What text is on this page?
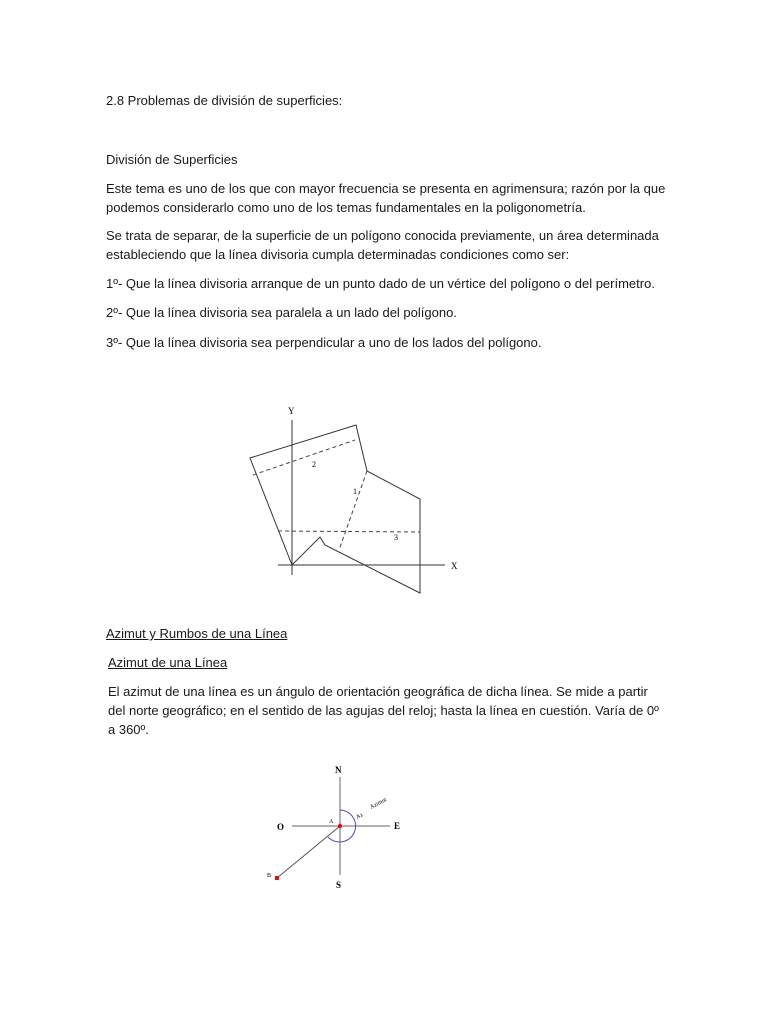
2.8 Problemas de división de superficies:

División de Superficies

Este tema es uno de los que con mayor frecuencia se presenta en agrimensura; razón por la que podemos considerarlo como uno de los temas fundamentales en la poligonometría.

Se trata de separar, de la superficie de un polígono conocida previamente, un área determinada estableciendo que la línea divisoria cumpla determinadas condiciones como ser:

1º- Que la línea divisoria arranque de un punto dado de un vértice del polígono o del perímetro.

2º- Que la línea divisoria sea paralela a un lado del polígono.

3º- Que la línea divisoria sea perpendicular a uno de los lados del polígono.

Y
X
2
1
3

Azimut y Rumbos de una Línea

Azimut de una Línea

El azimut de una línea es un ángulo de orientación geográfica de dicha línea. Se mide a partir del norte geográfico; en el sentido de las agujas del reloj; hasta la línea en cuestión. Varía de 0º a 360º.

N
S
E
O	A
B
Az
Azimut
